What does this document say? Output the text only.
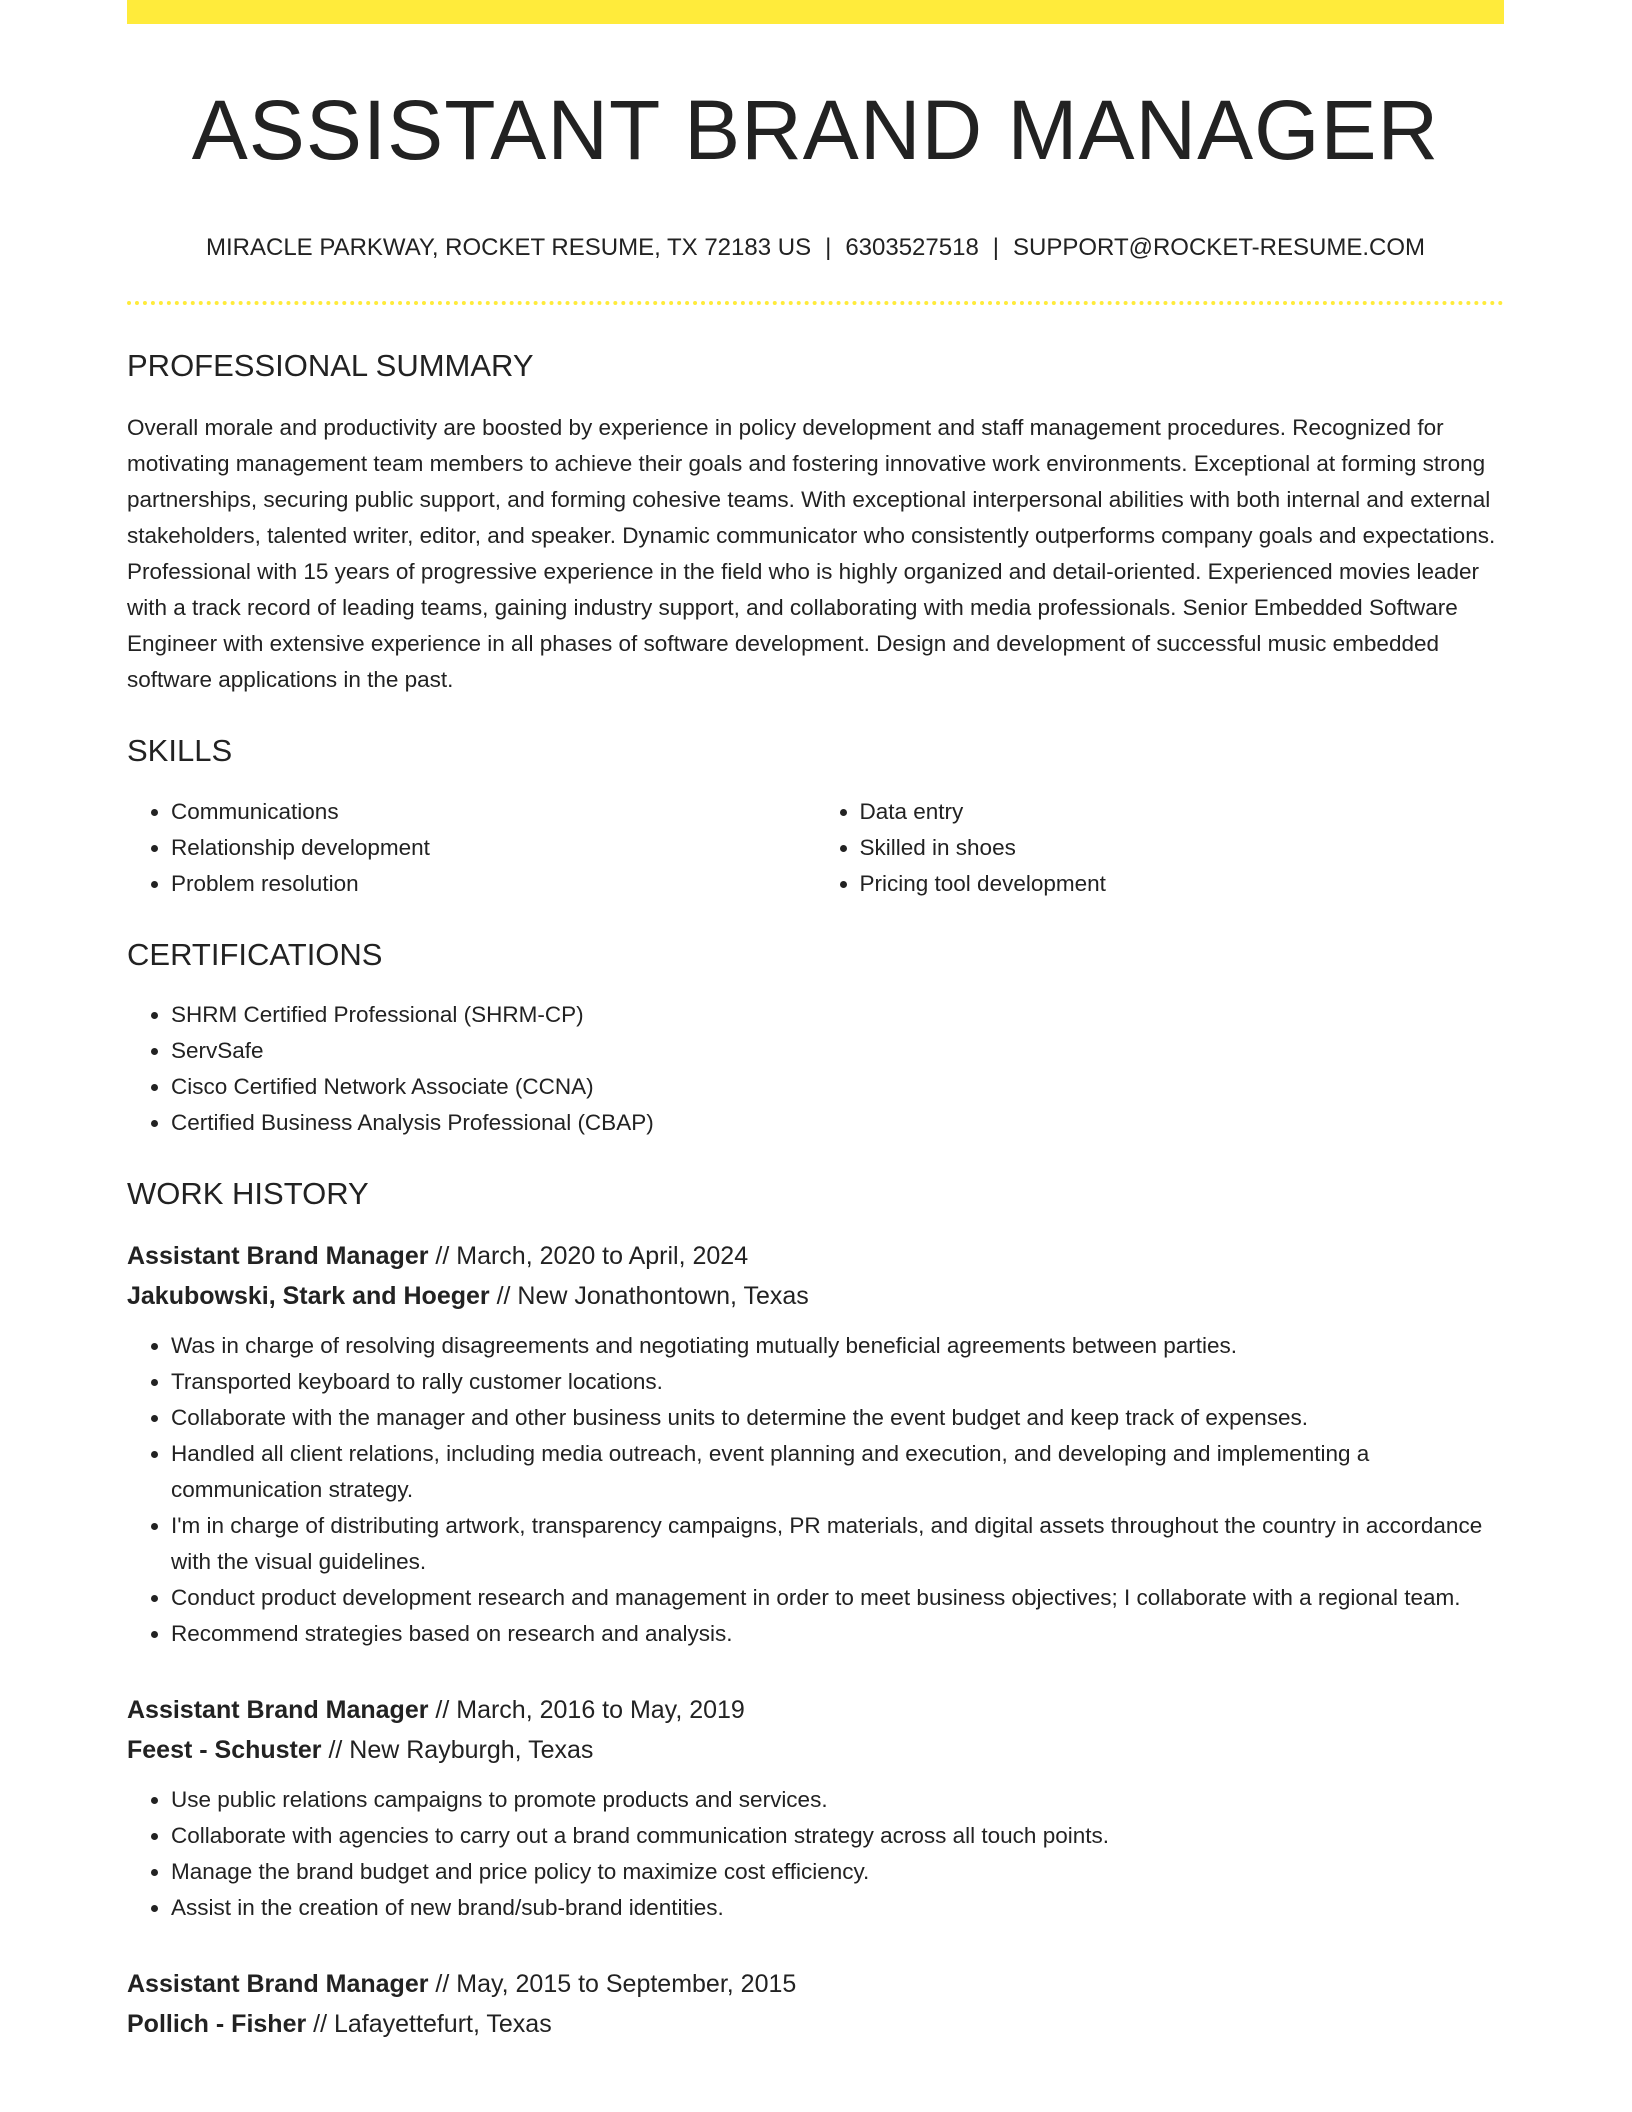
ASSISTANT BRAND MANAGER
MIRACLE PARKWAY, ROCKET RESUME, TX 72183 US | 6303527518 | SUPPORT@ROCKET-RESUME.COM
PROFESSIONAL SUMMARY
Overall morale and productivity are boosted by experience in policy development and staff management procedures. Recognized for motivating management team members to achieve their goals and fostering innovative work environments. Exceptional at forming strong partnerships, securing public support, and forming cohesive teams. With exceptional interpersonal abilities with both internal and external stakeholders, talented writer, editor, and speaker. Dynamic communicator who consistently outperforms company goals and expectations. Professional with 15 years of progressive experience in the field who is highly organized and detail-oriented. Experienced movies leader with a track record of leading teams, gaining industry support, and collaborating with media professionals. Senior Embedded Software Engineer with extensive experience in all phases of software development. Design and development of successful music embedded software applications in the past.
SKILLS
• Communications
• Relationship development
• Problem resolution
• Data entry
• Skilled in shoes
• Pricing tool development
CERTIFICATIONS
• SHRM Certified Professional (SHRM-CP)
• ServSafe
• Cisco Certified Network Associate (CCNA)
• Certified Business Analysis Professional (CBAP)
WORK HISTORY
Assistant Brand Manager // March, 2020 to April, 2024
Jakubowski, Stark and Hoeger // New Jonathontown, Texas
• Was in charge of resolving disagreements and negotiating mutually beneficial agreements between parties.
• Transported keyboard to rally customer locations.
• Collaborate with the manager and other business units to determine the event budget and keep track of expenses.
• Handled all client relations, including media outreach, event planning and execution, and developing and implementing a communication strategy.
• I'm in charge of distributing artwork, transparency campaigns, PR materials, and digital assets throughout the country in accordance with the visual guidelines.
• Conduct product development research and management in order to meet business objectives; I collaborate with a regional team.
• Recommend strategies based on research and analysis.
Assistant Brand Manager // March, 2016 to May, 2019
Feest - Schuster // New Rayburgh, Texas
• Use public relations campaigns to promote products and services.
• Collaborate with agencies to carry out a brand communication strategy across all touch points.
• Manage the brand budget and price policy to maximize cost efficiency.
• Assist in the creation of new brand/sub-brand identities.
Assistant Brand Manager // May, 2015 to September, 2015
Pollich - Fisher // Lafayettefurt, Texas
